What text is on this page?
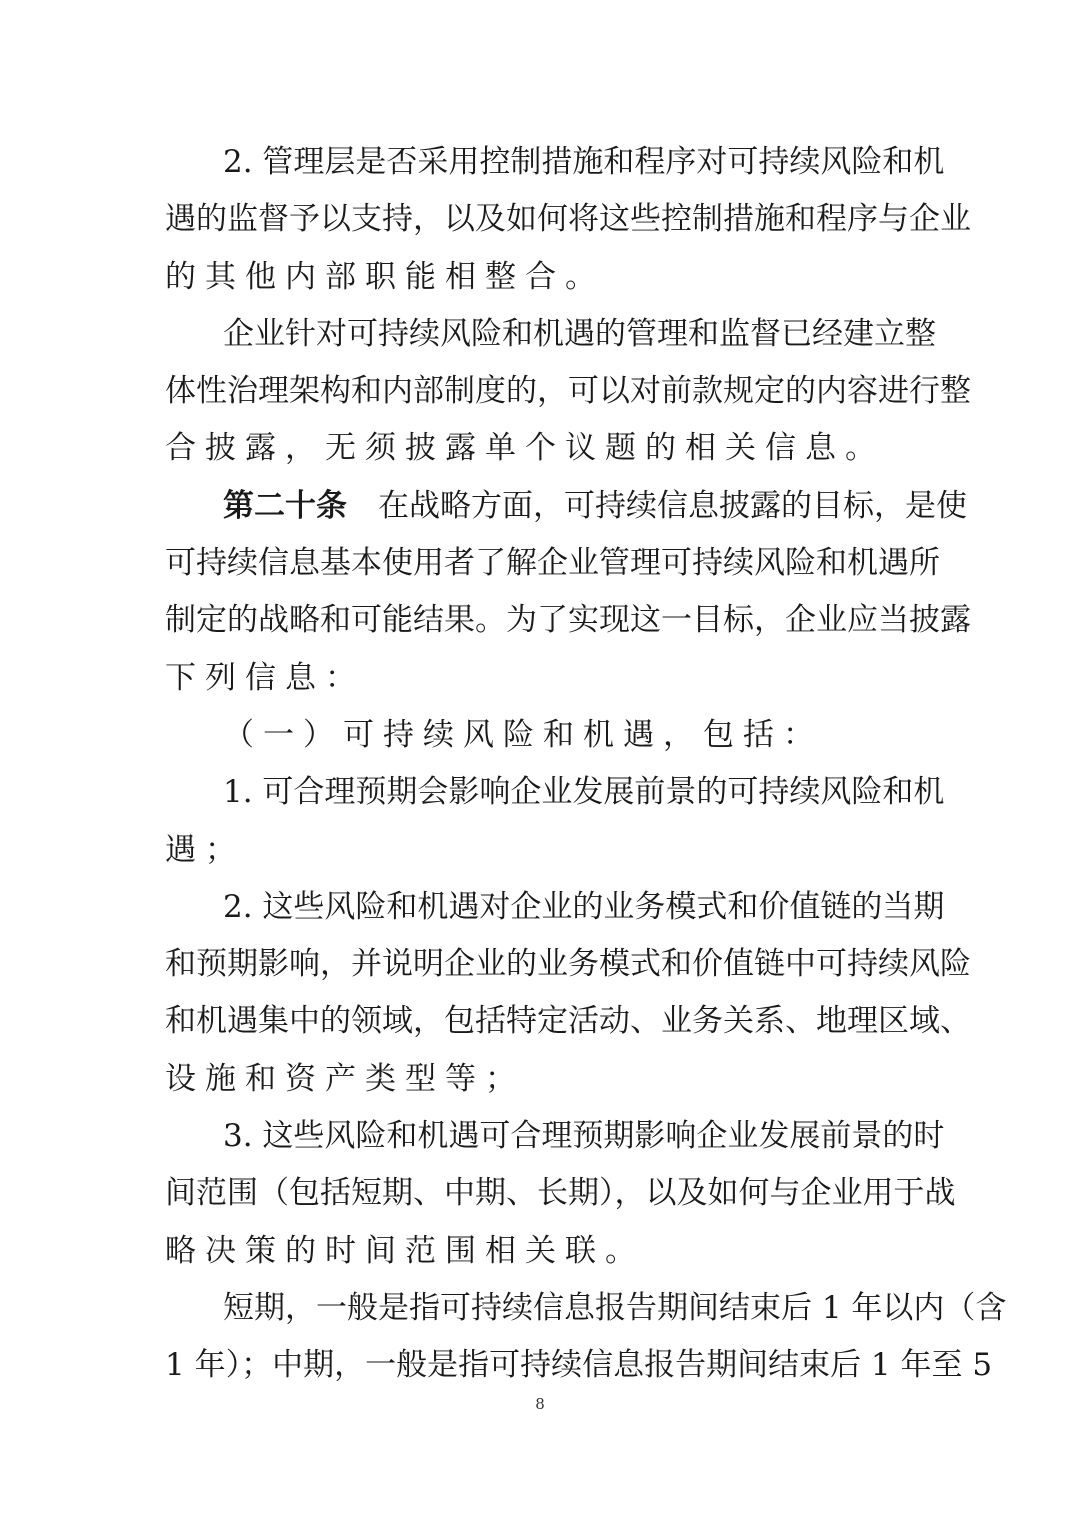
2. 管理层是否采用控制措施和程序对可持续风险和机
遇的监督予以支持，以及如何将这些控制措施和程序与企业
的其他内部职能相整合。
企业针对可持续风险和机遇的管理和监督已经建立整
体性治理架构和内部制度的，可以对前款规定的内容进行整
合披露，无须披露单个议题的相关信息。
第二十条  在战略方面，可持续信息披露的目标，是使
可持续信息基本使用者了解企业管理可持续风险和机遇所
制定的战略和可能结果。为了实现这一目标，企业应当披露
下列信息：
（一）可持续风险和机遇，包括：
1. 可合理预期会影响企业发展前景的可持续风险和机
遇；
2. 这些风险和机遇对企业的业务模式和价值链的当期
和预期影响，并说明企业的业务模式和价值链中可持续风险
和机遇集中的领域，包括特定活动、业务关系、地理区域、
设施和资产类型等；
3. 这些风险和机遇可合理预期影响企业发展前景的时
间范围（包括短期、中期、长期），以及如何与企业用于战
略决策的时间范围相关联。
短期，一般是指可持续信息报告期间结束后 1 年以内（含
1 年）；中期，一般是指可持续信息报告期间结束后 1 年至 5
8
